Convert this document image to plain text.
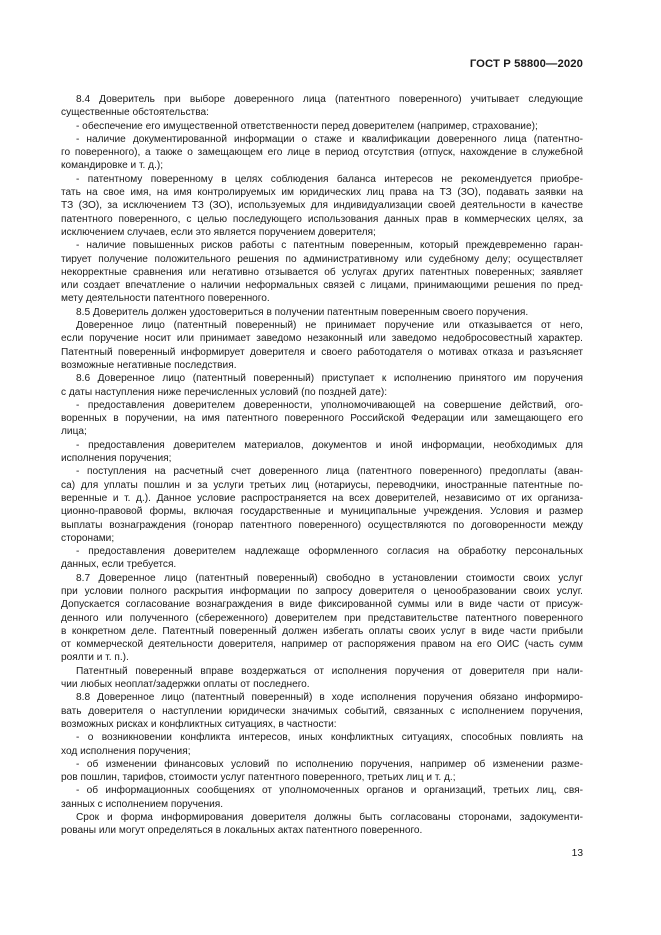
ГОСТ Р 58800—2020

8.4 Доверитель при выборе доверенного лица (патентного поверенного) учитывает следующие

существенные обстоятельства:

- обеспечение его имущественной ответственности перед доверителем (например, страхование);

- наличие документированной информации о стаже и квалификации доверенного лица (патентно-

го поверенного), а также о замещающем его лице в период отсутствия (отпуск, нахождение в служебной

командировке и т. д.);

- патентному поверенному в целях соблюдения баланса интересов не рекомендуется приобре-

тать на свое имя, на имя контролируемых им юридических лиц права на ТЗ (ЗО), подавать заявки на

ТЗ (ЗО), за исключением ТЗ (ЗО), используемых для индивидуализации своей деятельности в качестве

патентного поверенного, с целью последующего использования данных прав в коммерческих целях, за

исключением случаев, если это является поручением доверителя;

- наличие повышенных рисков работы с патентным поверенным, который преждевременно гаран-

тирует получение положительного решения по административному или судебному делу; осуществляет

некорректные сравнения или негативно отзывается об услугах других патентных поверенных; заявляет

или создает впечатление о наличии неформальных связей с лицами, принимающими решения по пред-

мету деятельности патентного поверенного.

8.5 Доверитель должен удостовериться в получении патентным поверенным своего поручения.

Доверенное лицо (патентный поверенный) не принимает поручение или отказывается от него,

если поручение носит или принимает заведомо незаконный или заведомо недобросовестный характер.

Патентный поверенный информирует доверителя и своего работодателя о мотивах отказа и разъясняет

возможные негативные последствия.

8.6 Доверенное лицо (патентный поверенный) приступает к исполнению принятого им поручения

с даты наступления ниже перечисленных условий (по поздней дате):

- предоставления доверителем доверенности, уполномочивающей на совершение действий, ого-

воренных в поручении, на имя патентного поверенного Российской Федерации или замещающего его

лица;

- предоставления доверителем материалов, документов и иной информации, необходимых для

исполнения поручения;

- поступления на расчетный счет доверенного лица (патентного поверенного) предоплаты (аван-

са) для уплаты пошлин и за услуги третьих лиц (нотариусы, переводчики, иностранные патентные по-

веренные и т. д.). Данное условие распространяется на всех доверителей, независимо от их организа-

ционно-правовой формы, включая государственные и муниципальные учреждения. Условия и размер

выплаты вознаграждения (гонорар патентного поверенного) осуществляются по договоренности между

сторонами;

- предоставления доверителем надлежаще оформленного согласия на обработку персональных

данных, если требуется.

8.7 Доверенное лицо (патентный поверенный) свободно в установлении стоимости своих услуг

при условии полного раскрытия информации по запросу доверителя о ценообразовании своих услуг.

Допускается согласование вознаграждения в виде фиксированной суммы или в виде части от присуж-

денного или полученного (сбереженного) доверителем при представительстве патентного поверенного

в конкретном деле. Патентный поверенный должен избегать оплаты своих услуг в виде части прибыли

от коммерческой деятельности доверителя, например от распоряжения правом на его ОИС (часть сумм

роялти и т. п.).

Патентный поверенный вправе воздержаться от исполнения поручения от доверителя при нали-

чии любых неоплат/задержки оплаты от последнего.

8.8 Доверенное лицо (патентный поверенный) в ходе исполнения поручения обязано информиро-

вать доверителя о наступлении юридически значимых событий, связанных с исполнением поручения,

возможных рисках и конфликтных ситуациях, в частности:

- о возникновении конфликта интересов, иных конфликтных ситуациях, способных повлиять на

ход исполнения поручения;

- об изменении финансовых условий по исполнению поручения, например об изменении разме-

ров пошлин, тарифов, стоимости услуг патентного поверенного, третьих лиц и т. д.;

- об информационных сообщениях от уполномоченных органов и организаций, третьих лиц, свя-

занных с исполнением поручения.

Срок и форма информирования доверителя должны быть согласованы сторонами, задокументи-

рованы или могут определяться в локальных актах патентного поверенного.

13
